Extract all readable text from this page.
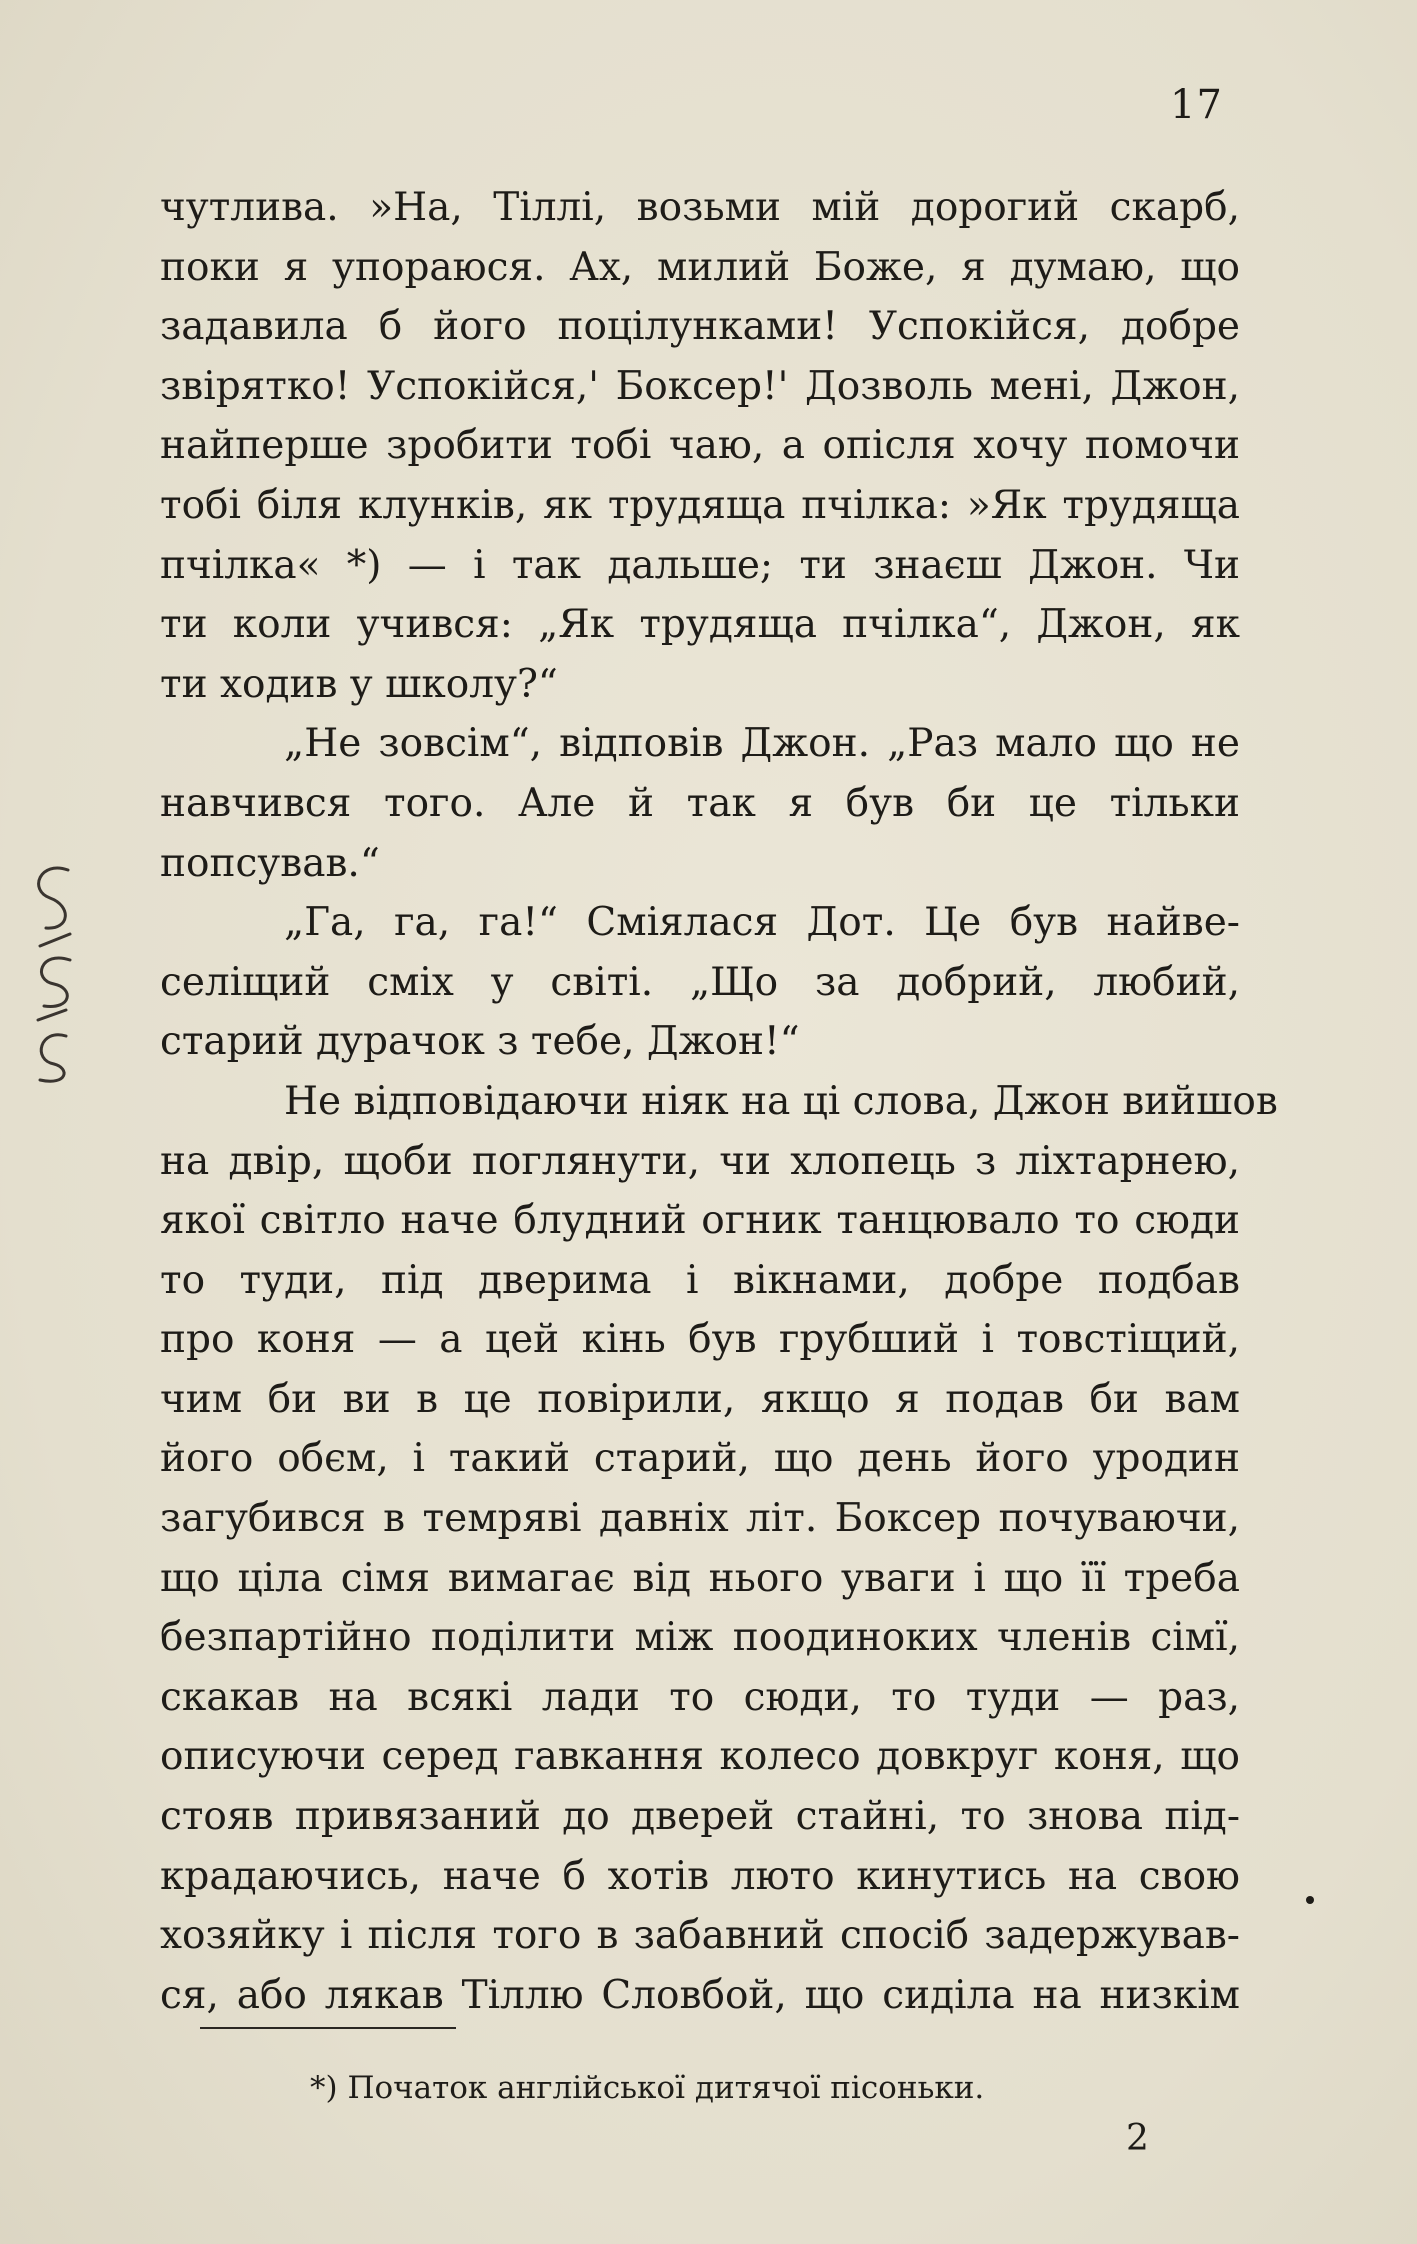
17
чутлива. »На, Тіллі, возьми мій дорогий скарб,
поки я упораюся. Ах, милий Боже, я думаю, що
задавила б його поцілунками! Успокійся, добре
звірятко! Успокійся,' Боксер!' Дозволь мені, Джон,
найперше зробити тобі чаю, а опісля хочу помочи
тобі біля клунків, як трудяща пчілка: »Як трудяща
пчілка« *) — і так дальше; ти знаєш Джон. Чи
ти коли учився: „Як трудяща пчілка“, Джон, як
ти ходив у школу?“
„Не зовсім“, відповів Джон. „Раз мало що не
навчився того. Але й так я був би це тільки
попсував.“
„Га, га, га!“ Сміялася Дот. Це був найве-
селіщий сміх у світі. „Що за добрий, любий,
старий дурачок з тебе, Джон!“
Не відповідаючи ніяк на ці слова, Джон вийшов
на двір, щоби поглянути, чи хлопець з ліхтарнею,
якої світло наче блудний огник танцювало то сюди
то туди, під дверима і вікнами, добре подбав
про коня — а цей кінь був грубший і товстіщий,
чим би ви в це повірили, якщо я подав би вам
його обєм, і такий старий, що день його уродин
загубився в темряві давніх літ. Боксер почуваючи,
що ціла сімя вимагає від нього уваги і що її треба
безпартійно поділити між поодиноких членів сімї,
скакав на всякі лади то сюди, то туди — раз,
описуючи серед гавкання колесо довкруг коня, що
стояв привязаний до дверей стайні, то знова під-
крадаючись, наче б хотів люто кинутись на свою
хозяйку і після того в забавний спосіб задержував-
ся, або лякав Тіллю Словбой, що сиділа на низкім
*) Початок англійської дитячої пісоньки.
2
